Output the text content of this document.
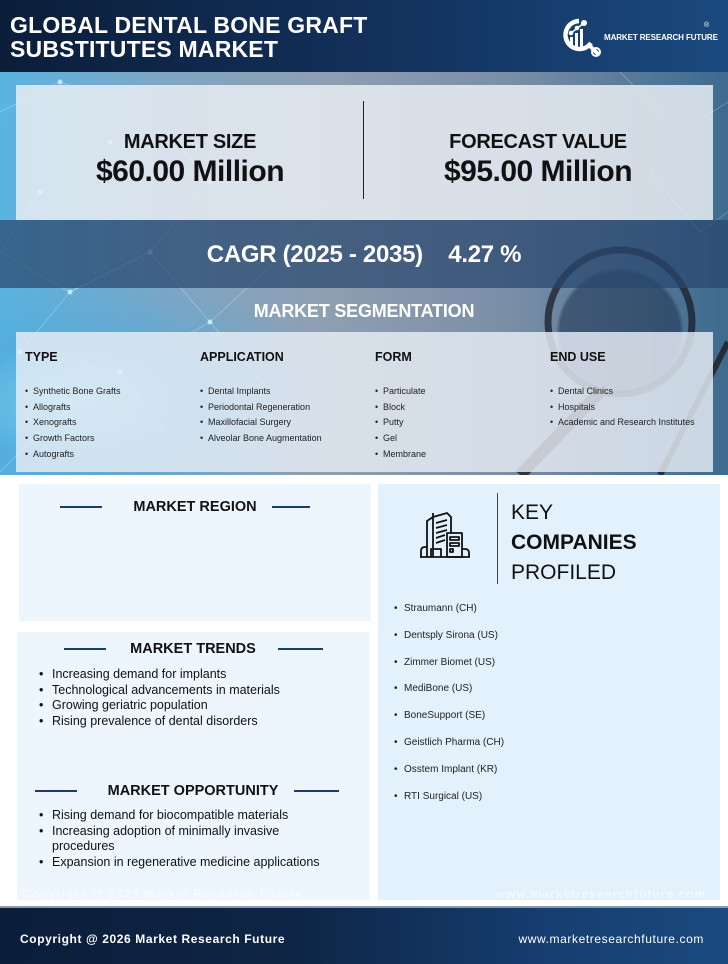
GLOBAL DENTAL BONE GRAFT
SUBSTITUTES MARKET	MARKET RESEARCH FUTURE
®
MARKET SIZE
$60.00 Million
FORECAST VALUE
$95.00 Million
CAGR (2025 - 2035)    4.27 %
MARKET SEGMENTATION
TYPE
• Synthetic Bone Grafts
• Allografts
• Xenografts
• Growth Factors
• Autografts
APPLICATION
• Dental Implants
• Periodontal Regeneration
• Maxillofacial Surgery
• Alveolar Bone Augmentation
FORM
• Particulate
• Block
• Putty
• Gel
• Membrane
END USE
• Dental Clinics
• Hospitals
• Academic and Research Institutes
MARKET REGION
MARKET TRENDS
• Increasing demand for implants
• Technological advancements in materials
• Growing geriatric population
• Rising prevalence of dental disorders
MARKET OPPORTUNITY
• Rising demand for biocompatible materials
• Increasing adoption of minimally invasive procedures
• Expansion in regenerative medicine applications
KEY
COMPANIES
PROFILED
• Straumann (CH)
• Dentsply Sirona (US)
• Zimmer Biomet (US)
• MediBone (US)
• BoneSupport (SE)
• Geistlich Pharma (CH)
• Osstem Implant (KR)
• RTI Surgical (US)
Copyright @ 2025 Market Research Future	www.marketresearchfuture.com
Copyright @ 2026 Market Research Future	www.marketresearchfuture.com
